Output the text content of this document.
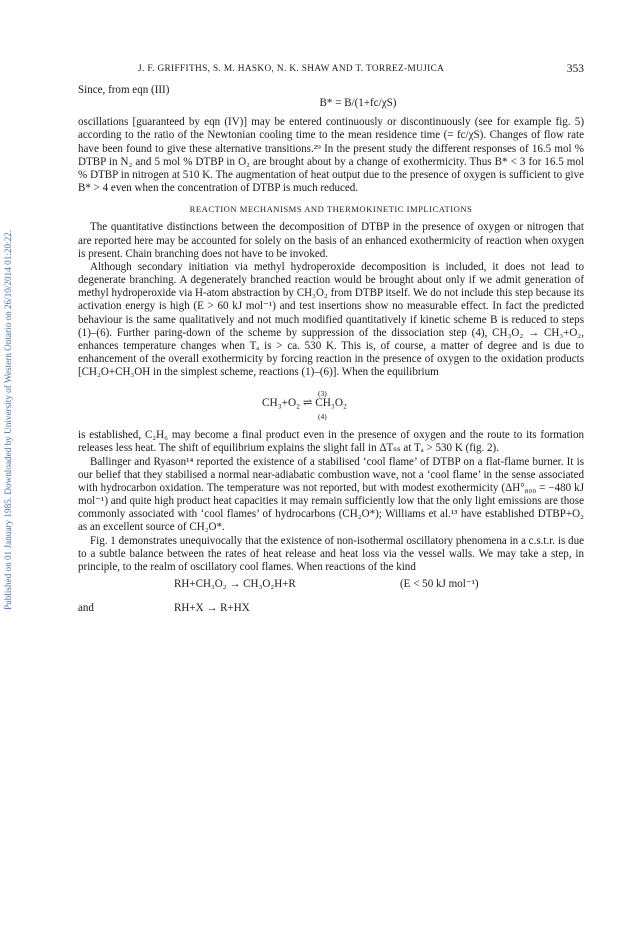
Published on 01 January 1985. Downloaded by University of Western Ontario on 26/10/2014 01:20:22.
J. F. GRIFFITHS, S. M. HASKO, N. K. SHAW AND T. TORREZ-MUJICA	353

Since, from eqn (III)

B* = B/(1+fc/χS)

oscillations [guaranteed by eqn (IV)] may be entered continuously or discontinuously (see for example fig. 5) according to the ratio of the Newtonian cooling time to the mean residence time (= fc/χS). Changes of flow rate have been found to give these alternative transitions.²⁹ In the present study the different responses of 16.5 mol % DTBP in N₂ and 5 mol % DTBP in O₂ are brought about by a change of exothermicity. Thus B* < 3 for 16.5 mol % DTBP in nitrogen at 510 K. The augmentation of heat output due to the presence of oxygen is sufficient to give B* > 4 even when the concentration of DTBP is much reduced.

REACTION MECHANISMS AND THERMOKINETIC IMPLICATIONS

The quantitative distinctions between the decomposition of DTBP in the presence of oxygen or nitrogen that are reported here may be accounted for solely on the basis of an enhanced exothermicity of reaction when oxygen is present. Chain branching does not have to be invoked.

Although secondary initiation via methyl hydroperoxide decomposition is included, it does not lead to degenerate branching. A degenerately branched reaction would be brought about only if we admit generation of methyl hydroperoxide via H-atom abstraction by CH₃O₂ from DTBP itself. We do not include this step because its activation energy is high (E > 60 kJ mol⁻¹) and test insertions show no measurable effect. In fact the predicted behaviour is the same qualitatively and not much modified quantitatively if kinetic scheme B is reduced to steps (1)–(6). Further paring-down of the scheme by suppression of the dissociation step (4), CH₃O₂ → CH₃+O₂, enhances temperature changes when Tₐ is > ca. 530 K. This is, of course, a matter of degree and is due to enhancement of the overall exothermicity by forcing reaction in the presence of oxygen to the oxidation products [CH₂O+CH₃OH in the simplest scheme, reactions (1)–(6)]. When the equilibrium

(3)
CH₃+O₂ ⇌ CH₃O₂
(4)

is established, C₂H₆ may become a final product even in the presence of oxygen and the route to its formation releases less heat. The shift of equilibrium explains the slight fall in ΔTₛₛ at Tₐ > 530 K (fig. 2).

Ballinger and Ryason¹⁴ reported the existence of a stabilised ‘cool flame’ of DTBP on a flat-flame burner. It is our belief that they stabilised a normal near-adiabatic combustion wave, not a ‘cool flame’ in the sense associated with hydrocarbon oxidation. The temperature was not reported, but with modest exothermicity (ΔH°₈₀₀ = −480 kJ mol⁻¹) and quite high product heat capacities it may remain sufficiently low that the only light emissions are those commonly associated with ‘cool flames’ of hydrocarbons (CH₂O*); Williams et al.¹³ have established DTBP+O₂ as an excellent source of CH₂O*.

Fig. 1 demonstrates unequivocally that the existence of non-isothermal oscillatory phenomena in a c.s.t.r. is due to a subtle balance between the rates of heat release and heat loss via the vessel walls. We may take a step, in principle, to the realm of oscillatory cool flames. When reactions of the kind

RH+CH₃O₂ → CH₃O₂H+R	(E < 50 kJ mol⁻¹)
and	RH+X → R+HX
